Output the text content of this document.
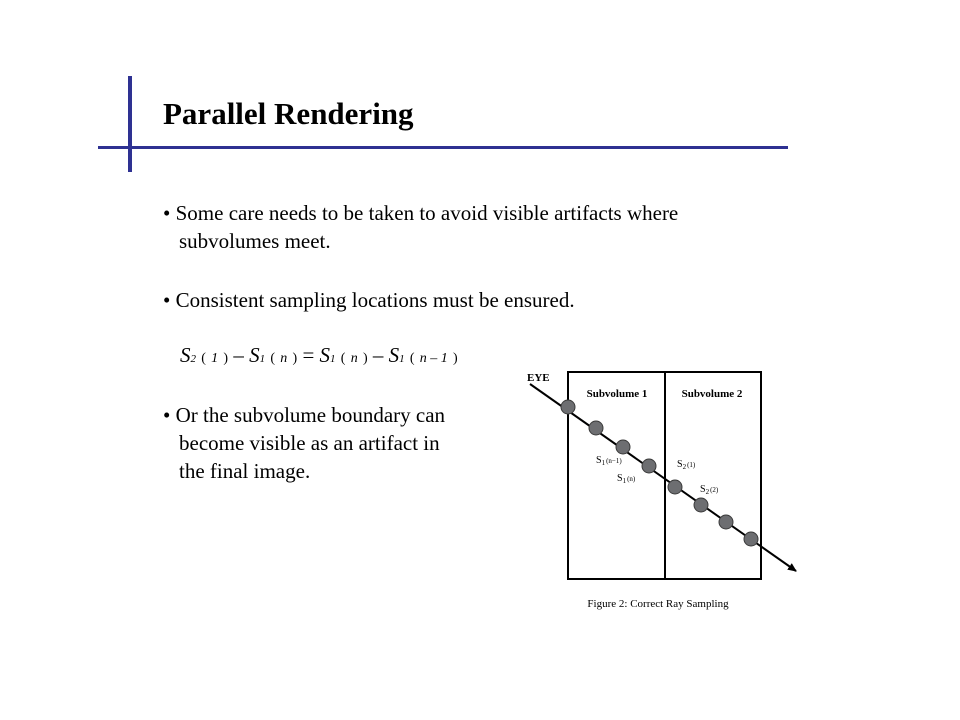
Parallel Rendering
• Some care needs to be taken to avoid visible artifacts where
subvolumes meet.
• Consistent sampling locations must be ensured.
S2 ( 1 ) – S1 ( n ) = S1 ( n ) – S1 ( n – 1 )
• Or the subvolume boundary can
become visible as an artifact in
the final image.
EYE
Subvolume 1	Subvolume 2
$S_1^{(n-1)}$
$S_1^{(n)}$
$S_2^{(1)}$
$S_2^{(2)}$
Figure 2: Correct Ray Sampling
